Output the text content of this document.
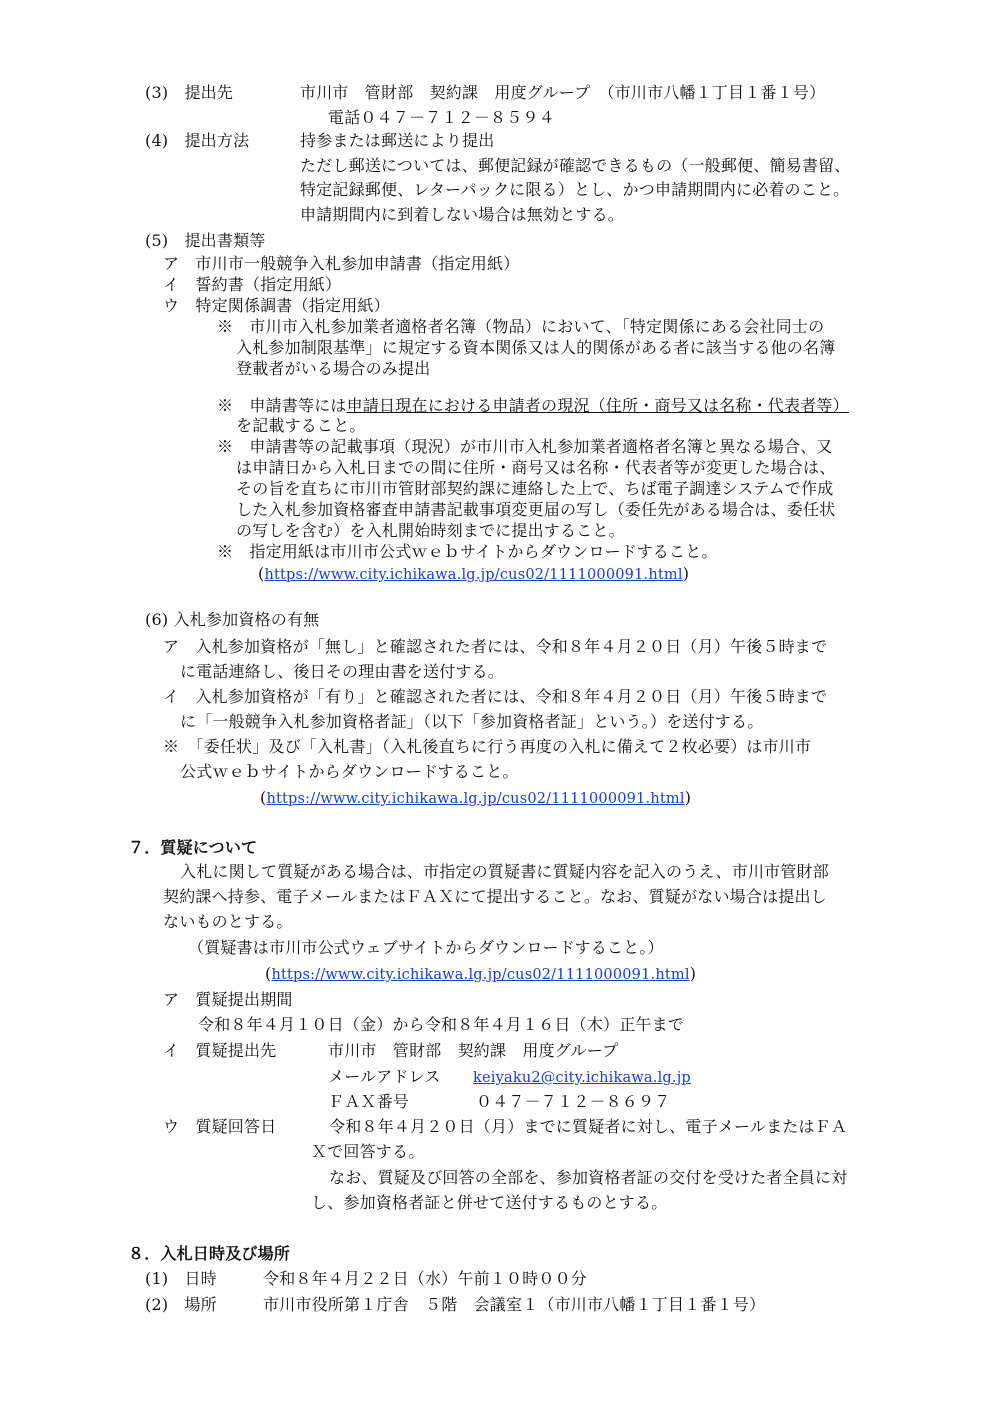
(3)　提出先	市川市　管財部　契約課　用度グループ　（市川市八幡１丁目１番１号）
電話０４７－７１２－８５９４
(4)　提出方法	持参または郵送により提出
ただし郵送については、郵便記録が確認できるもの（一般郵便、簡易書留、
特定記録郵便、レターパックに限る）とし、かつ申請期間内に必着のこと。
申請期間内に到着しない場合は無効とする。
(5)　提出書類等
ア　市川市一般競争入札参加申請書（指定用紙）
イ　誓約書（指定用紙）
ウ　特定関係調書（指定用紙）
※　市川市入札参加業者適格者名簿（物品）において、「特定関係にある会社同士の
入札参加制限基準」に規定する資本関係又は人的関係がある者に該当する他の名簿
登載者がいる場合のみ提出
※　申請書等には申請日現在における申請者の現況（住所・商号又は名称・代表者等）
を記載すること。
※　申請書等の記載事項（現況）が市川市入札参加業者適格者名簿と異なる場合、又
は申請日から入札日までの間に住所・商号又は名称・代表者等が変更した場合は、
その旨を直ちに市川市管財部契約課に連絡した上で、ちば電子調達システムで作成
した入札参加資格審査申請書記載事項変更届の写し（委任先がある場合は、委任状
の写しを含む）を入札開始時刻までに提出すること。
※　指定用紙は市川市公式ｗｅｂサイトからダウンロードすること。
(https://www.city.ichikawa.lg.jp/cus02/1111000091.html)
(6) 入札参加資格の有無
ア　入札参加資格が「無し」と確認された者には、令和８年４月２０日（月）午後５時まで
に電話連絡し、後日その理由書を送付する。
イ　入札参加資格が「有り」と確認された者には、令和８年４月２０日（月）午後５時まで
に「一般競争入札参加資格者証」（以下「参加資格者証」という。）を送付する。
※　「委任状」及び「入札書」（入札後直ちに行う再度の入札に備えて２枚必要）は市川市
公式ｗｅｂサイトからダウンロードすること。
(https://www.city.ichikawa.lg.jp/cus02/1111000091.html)
７．質疑について
入札に関して質疑がある場合は、市指定の質疑書に質疑内容を記入のうえ、市川市管財部
契約課へ持参、電子メールまたはＦＡＸにて提出すること。なお、質疑がない場合は提出し
ないものとする。
（質疑書は市川市公式ウェブサイトからダウンロードすること。）
(https://www.city.ichikawa.lg.jp/cus02/1111000091.html)
ア　質疑提出期間
令和８年４月１０日（金）から令和８年４月１６日（木）正午まで
イ　質疑提出先	市川市　管財部　契約課　用度グループ
メールアドレス keiyaku2@city.ichikawa.lg.jp
ＦＡＸ番号	０４７－７１２－８６９７
ウ　質疑回答日	令和８年４月２０日（月）までに質疑者に対し、電子メールまたはＦＡ
Ｘで回答する。
なお、質疑及び回答の全部を、参加資格者証の交付を受けた者全員に対
し、参加資格者証と併せて送付するものとする。
８．入札日時及び場所
(1)　日時	令和８年４月２２日（水）午前１０時００分
(2)　場所	市川市役所第１庁舎　５階　会議室１（市川市八幡１丁目１番１号）
